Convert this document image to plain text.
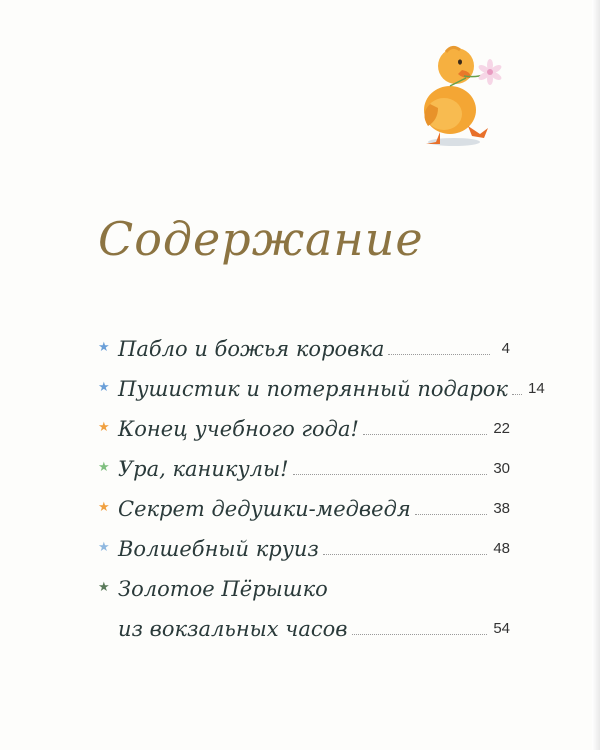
Содержание
★ Пабло и божья коровка	4
★ Пушистик и потерянный подарок 14
★ Конец учебного года!	22
★ Ура, каникулы!	30
★ Секрет дедушки-медведя	38
★ Волшебный круиз	48
★ Золотое Пёрышко
из вокзальных часов	54
